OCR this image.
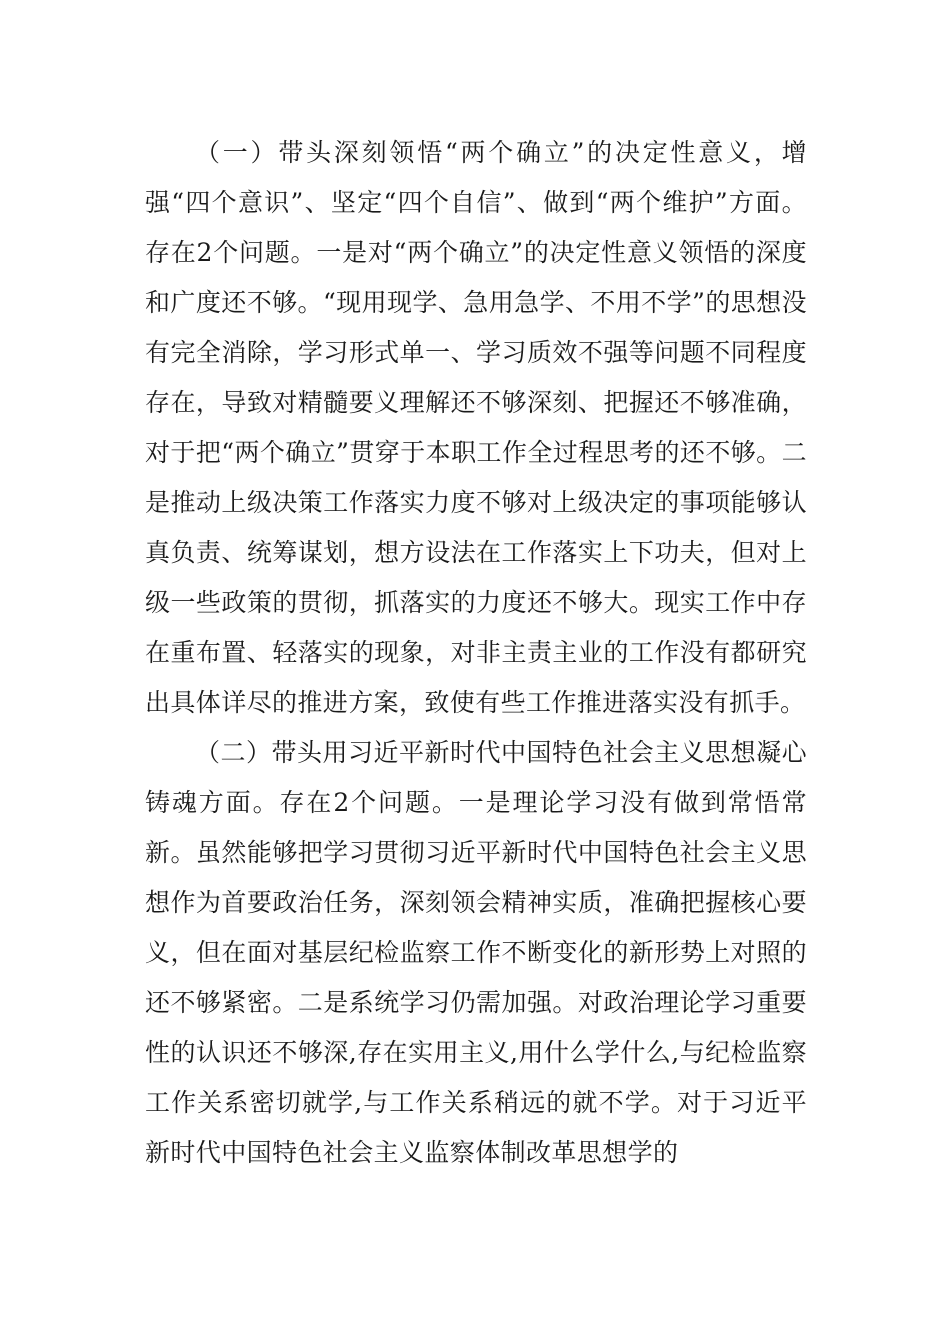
（一）带头深刻领悟“两个确立”的决定性意义，增强“四个意识”、坚定“四个自信”、做到“两个维护”方面。存在2个问题。一是对“两个确立”的决定性意义领悟的深度和广度还不够。“现用现学、急用急学、不用不学”的思想没有完全消除，学习形式单一、学习质效不强等问题不同程度存在，导致对精髓要义理解还不够深刻、把握还不够准确，对于把“两个确立”贯穿于本职工作全过程思考的还不够。二是推动上级决策工作落实力度不够对上级决定的事项能够认真负责、统筹谋划，想方设法在工作落实上下功夫，但对上级一些政策的贯彻，抓落实的力度还不够大。现实工作中存在重布置、轻落实的现象，对非主责主业的工作没有都研究出具体详尽的推进方案，致使有些工作推进落实没有抓手。

（二）带头用习近平新时代中国特色社会主义思想凝心铸魂方面。存在2个问题。一是理论学习没有做到常悟常新。虽然能够把学习贯彻习近平新时代中国特色社会主义思想作为首要政治任务，深刻领会精神实质，准确把握核心要义，但在面对基层纪检监察工作不断变化的新形势上对照的还不够紧密。二是系统学习仍需加强。对政治理论学习重要性的认识还不够深,存在实用主义,用什么学什么,与纪检监察工作关系密切就学,与工作关系稍远的就不学。对于习近平新时代中国特色社会主义监察体制改革思想学的
